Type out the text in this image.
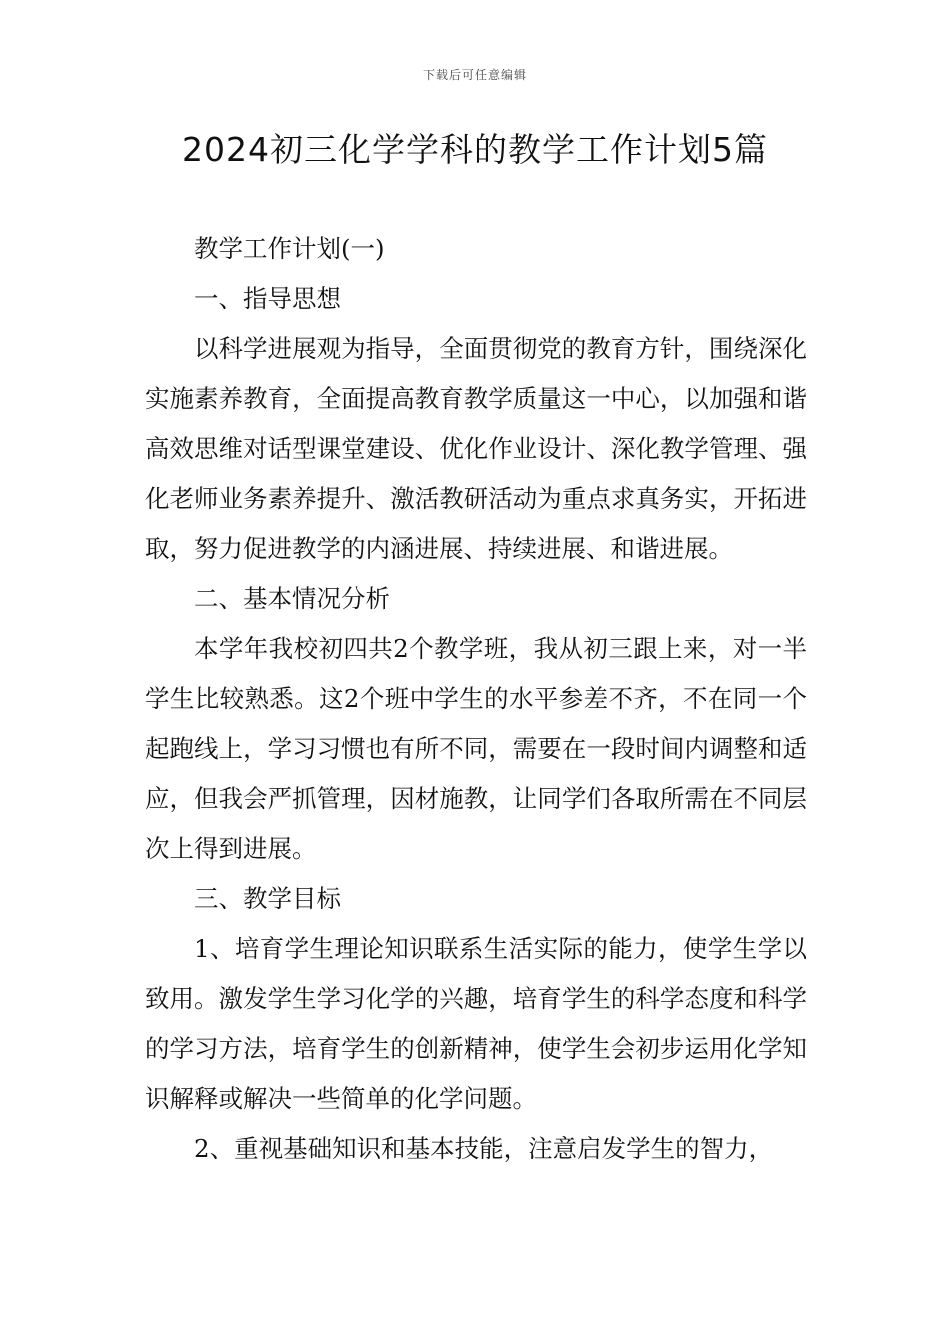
下载后可任意编辑
2024初三化学学科的教学工作计划5篇

教学工作计划(一)

一、指导思想

以科学进展观为指导，全面贯彻党的教育方针，围绕深化实施素养教育，全面提高教育教学质量这一中心，以加强和谐高效思维对话型课堂建设、优化作业设计、深化教学管理、强化老师业务素养提升、激活教研活动为重点求真务实，开拓进取，努力促进教学的内涵进展、持续进展、和谐进展。

二、基本情况分析

本学年我校初四共2个教学班，我从初三跟上来，对一半学生比较熟悉。这2个班中学生的水平参差不齐，不在同一个起跑线上，学习习惯也有所不同，需要在一段时间内调整和适应，但我会严抓管理，因材施教，让同学们各取所需在不同层次上得到进展。

三、教学目标

1、培育学生理论知识联系生活实际的能力，使学生学以致用。激发学生学习化学的兴趣，培育学生的科学态度和科学的学习方法，培育学生的创新精神，使学生会初步运用化学知识解释或解决一些简单的化学问题。

2、重视基础知识和基本技能，注意启发学生的智力，
